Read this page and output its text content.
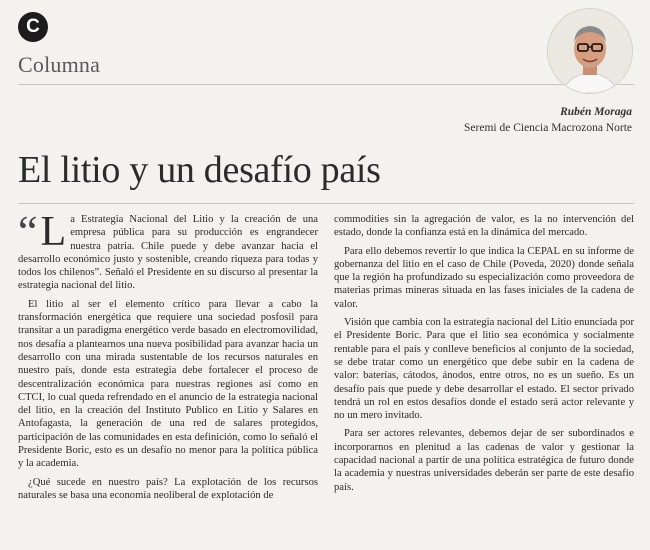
C
Columna
Rubén Moraga
Seremi de Ciencia Macrozona Norte
El litio y un desafío país

“ L a Estrategia Nacional del Litio y la creación de una empresa pública para su producción es engrandecer nuestra patria. Chile puede y debe avanzar hacia el desarrollo económico justo y sostenible, creando riqueza para todas y todos los chilenos”. Señaló el Presidente en su discurso al presentar la estrategia nacional del litio.

El litio al ser el elemento crítico para llevar a cabo la transformación energética que requiere una sociedad posfosil para transitar a un paradigma energético verde basado en electromovilidad, nos desafía a plantearnos una nueva posibilidad para avanzar hacia un desarrollo con una mirada sustentable de los recursos naturales en nuestro país, donde esta estrategia debe fortalecer el proceso de descentralización económica para nuestras regiones así como en CTCI, lo cual queda refrendado en el anuncio de la estrategia nacional del litio, en la creación del Instituto Publico en Litio y Salares en Antofagasta, la generación de una red de salares protegidos, participación de las comunidades en esta definición, como lo señaló el Presidente Boric, esto es un desafío no menor para la política pública y la academia.

¿Qué sucede en nuestro país? La explotación de los recursos naturales se basa una economía neoliberal de explotación de

commodities sin la agregación de valor, es la no intervención del estado, donde la confianza está en la dinámica del mercado.

Para ello debemos revertir lo que indica la CEPAL en su informe de gobernanza del litio en el caso de Chile (Poveda, 2020) donde señala que la región ha profundizado su especialización como proveedora de materias primas mineras situada en las fases iniciales de la cadena de valor.

Visión que cambia con la estrategia nacional del Litio enunciada por el Presidente Boric. Para que el litio sea económica y socialmente rentable para el país y conlleve beneficios al conjunto de la sociedad, se debe tratar como un energético que debe subir en la cadena de valor: baterías, cátodos, ánodos, entre otros, no es un sueño. Es un desafío país que puede y debe desarrollar el estado. El sector privado tendrá un rol en estos desafíos donde el estado será actor relevante y no un mero invitado.

Para ser actores relevantes, debemos dejar de ser subordinados e incorporarnos en plenitud a las cadenas de valor y gestionar la capacidad nacional a partir de una política estratégica de futuro donde la academia y nuestras universidades deberán ser parte de este desafío país.
